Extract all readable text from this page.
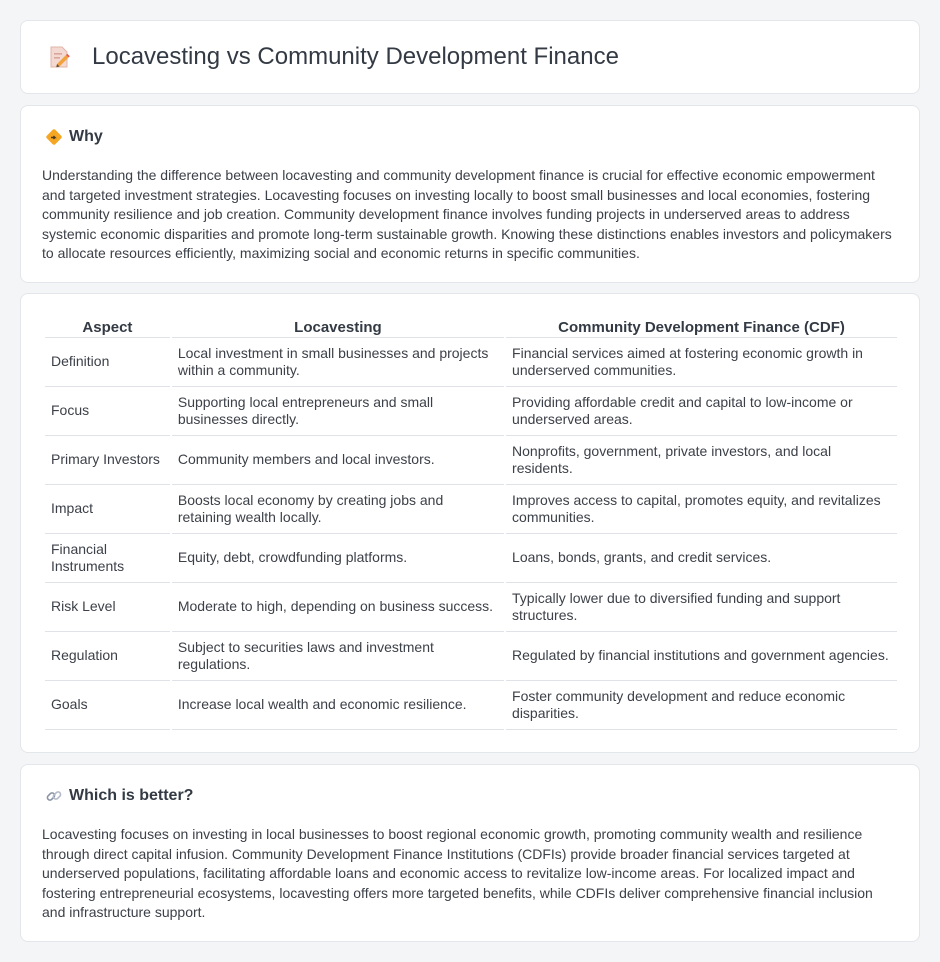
Locavesting vs Community Development Finance
Why

Understanding the difference between locavesting and community development finance is crucial for effective economic empowerment and targeted investment strategies. Locavesting focuses on investing locally to boost small businesses and local economies, fostering community resilience and job creation. Community development finance involves funding projects in underserved areas to address systemic economic disparities and promote long-term sustainable growth. Knowing these distinctions enables investors and policymakers to allocate resources efficiently, maximizing social and economic returns in specific communities.

Aspect	Locavesting	Community Development Finance (CDF)
Definition	Local investment in small businesses and projects within a community.	Financial services aimed at fostering economic growth in underserved communities.
Focus	Supporting local entrepreneurs and small businesses directly.	Providing affordable credit and capital to low-income or underserved areas.
Primary Investors	Community members and local investors.	Nonprofits, government, private investors, and local residents.
Impact	Boosts local economy by creating jobs and retaining wealth locally.	Improves access to capital, promotes equity, and revitalizes communities.
Financial Instruments	Equity, debt, crowdfunding platforms.	Loans, bonds, grants, and credit services.
Risk Level	Moderate to high, depending on business success.	Typically lower due to diversified funding and support structures.
Regulation	Subject to securities laws and investment regulations.	Regulated by financial institutions and government agencies.
Goals	Increase local wealth and economic resilience.	Foster community development and reduce economic disparities.
Which is better?

Locavesting focuses on investing in local businesses to boost regional economic growth, promoting community wealth and resilience through direct capital infusion. Community Development Finance Institutions (CDFIs) provide broader financial services targeted at underserved populations, facilitating affordable loans and economic access to revitalize low-income areas. For localized impact and fostering entrepreneurial ecosystems, locavesting offers more targeted benefits, while CDFIs deliver comprehensive financial inclusion and infrastructure support.
